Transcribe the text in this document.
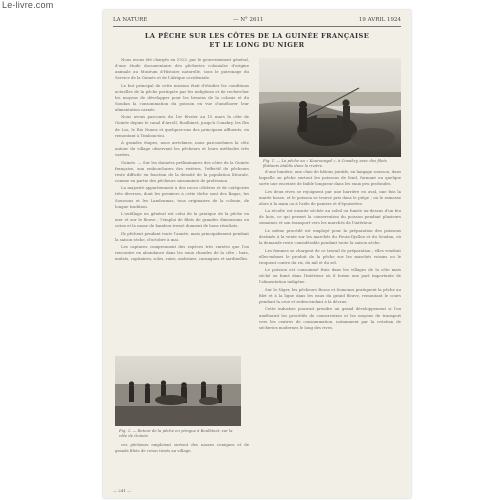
Le-livre.com
LA NATURE	— N° 2611	19 AVRIL 1924
LA PÊCHE SUR LES CÔTES DE LA GUINÉE FRANÇAISE
ET LE LONG DU NIGER

Nous avons été chargés en 1923, par le gouvernement général, d'une étude documentaire des pêcheries coloniales d'origine animale au Muséum d'Histoire naturelle, sous le patronage du Service de la Guinée et de l'Afrique occidentale.

Le but principal de cette mission était d'étudier les conditions actuelles de la pêche pratiquée par les indigènes et de rechercher les moyens de développer pour les besoins de la colonie et du Soudan la consommation du poisson en vue d'améliorer leur alimentation carnée.

Nous avons parcouru du 1er février au 15 mars la côte de Guinée depuis le canal d'Arroll, Boulbinet, jusqu'à Conakry, les îles de Los, le Rio Nunez et quelques-uns des principaux affluents, en remontant à Timbouctou.

À grandes étapes, nous arrivâmes, nous parcourûmes la côte autour du village observant les pêcheurs et leurs méthodes très variées.

Guinée. — Sur les données préliminaires des côtes de la Guinée française, aux embouchures des rivières, l'effectif de pêcheurs reste difficile en fonction de la densité de la population littorale, comme en partie des pêcheurs saisonniers de profession.

La majorité appartiennent à des races côtières et de catégories très diverses, dont les premiers à cette tâche sont des Bagas, les Soussous et les Landoumas, tous originaires de la colonie, de longue tradition.

L'outillage en général est celui de la pratique de la pêche en mer et sur le fleuve ; l'emploi de filets de grandes dimensions en coton et la nasse de bambou tressé donnent de bons résultats.

Ils pêchent pendant toute l'année, mais principalement pendant la saison sèche, d'octobre à mai.

Les captures comprennent des espèces très variées que l'on rencontre en abondance dans les eaux chaudes de la côte : bars, mulets, capitaines, soles, raies, ombrines, carangues et sardinelles.

Fig. 1. — La pêche au « Kouroungal », à Conakry, avec des filets flottants établis dans la rivière.

d'une lumière, une claie de bâtons jointifs, en langage soussou, dans laquelle on pêche surtout les poissons de fond, formant en quelque sorte une enceinte de faible longueur dans les eaux peu profondes.

Les deux rives se rejoignent par une barrière en aval, une fois la marée basse, et le poisson se trouve pris dans le piège ; on le ramasse alors à la main ou à l'aide de paniers et d'épuisettes.

La récolte est ensuite séchée au soleil ou fumée au-dessus d'un feu de bois, ce qui permet la conservation du poisson pendant plusieurs semaines et son transport vers les marchés de l'intérieur.

Le même procédé est employé pour la préparation des poissons destinés à la vente sur les marchés du Fouta-Djallon et du Soudan, où la demande reste considérable pendant toute la saison sèche.

Les femmes se chargent de ce travail de préparation ; elles vendent elles-mêmes le produit de la pêche sur les marchés voisins ou le troquent contre du riz, du mil et du sel.

Le poisson est consommé frais dans les villages de la côte mais séché ou fumé dans l'intérieur où il forme une part importante de l'alimentation indigène.

Sur le Niger, les pêcheurs Bozos et Somonos pratiquent la pêche au filet et à la ligne dans les eaux du grand fleuve, remontant le cours pendant la crue et redescendant à la décrue.

Cette industrie pourrait prendre un grand développement si l'on améliorait les procédés de conservation et les moyens de transport vers les centres de consommation, notamment par la création de sécheries modernes le long des rives.

Fig. 2. — Retour de la pêche en pirogue à Boulbinet, sur la côte de Guinée.

ces pêcheurs emploient surtout des nasses coniques et de grands filets de coton tissés au village.

— 241 —
